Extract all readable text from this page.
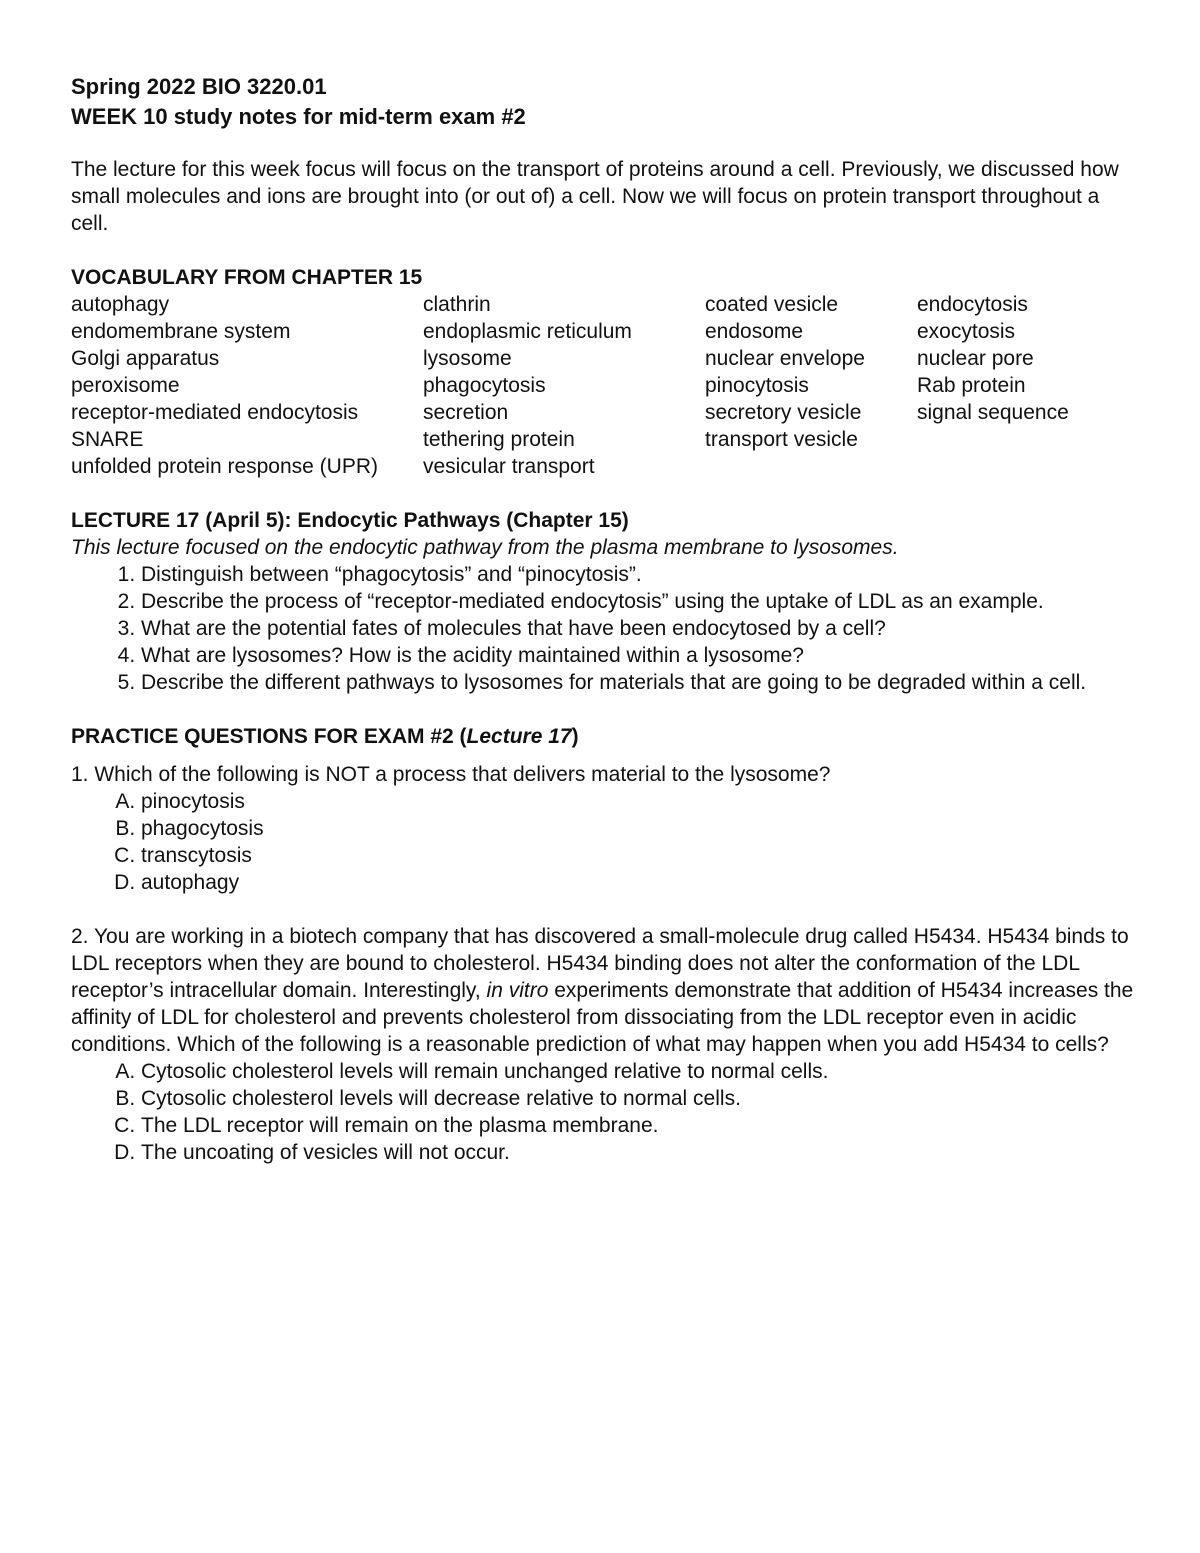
Spring 2022 BIO 3220.01
WEEK 10 study notes for mid-term exam #2

The lecture for this week focus will focus on the transport of proteins around a cell. Previously, we discussed how small molecules and ions are brought into (or out of) a cell. Now we will focus on protein transport throughout a cell.

VOCABULARY FROM CHAPTER 15

autophagy	clathrin	coated vesicle	endocytosis
endomembrane system	endoplasmic reticulum	endosome	exocytosis
Golgi apparatus	lysosome	nuclear envelope	nuclear pore
peroxisome	phagocytosis	pinocytosis	Rab protein
receptor-mediated endocytosis	secretion	secretory vesicle	signal sequence
SNARE	tethering protein	transport vesicle
unfolded protein response (UPR)	vesicular transport

LECTURE 17 (April 5): Endocytic Pathways (Chapter 15)

This lecture focused on the endocytic pathway from the plasma membrane to lysosomes.

1. Distinguish between “phagocytosis” and “pinocytosis”.
2. Describe the process of “receptor-mediated endocytosis” using the uptake of LDL as an example.
3. What are the potential fates of molecules that have been endocytosed by a cell?
4. What are lysosomes? How is the acidity maintained within a lysosome?
5. Describe the different pathways to lysosomes for materials that are going to be degraded within a cell.

PRACTICE QUESTIONS FOR EXAM #2 (Lecture 17)

1. Which of the following is NOT a process that delivers material to the lysosome?

A. pinocytosis
B. phagocytosis
C. transcytosis
D. autophagy

2. You are working in a biotech company that has discovered a small-molecule drug called H5434. H5434 binds to LDL receptors when they are bound to cholesterol. H5434 binding does not alter the conformation of the LDL receptor’s intracellular domain. Interestingly, in vitro experiments demonstrate that addition of H5434 increases the affinity of LDL for cholesterol and prevents cholesterol from dissociating from the LDL receptor even in acidic conditions. Which of the following is a reasonable prediction of what may happen when you add H5434 to cells?

A. Cytosolic cholesterol levels will remain unchanged relative to normal cells.
B. Cytosolic cholesterol levels will decrease relative to normal cells.
C. The LDL receptor will remain on the plasma membrane.
D. The uncoating of vesicles will not occur.
